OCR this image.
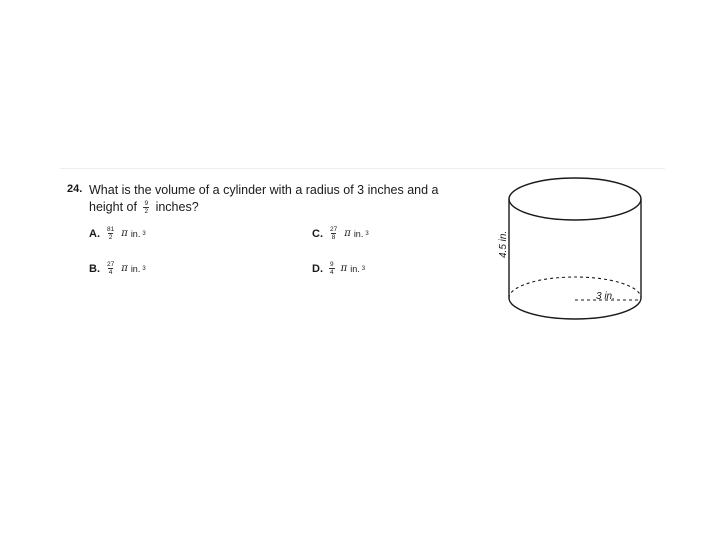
24. What is the volume of a cylinder with a radius of 3 inches and a
height of $\frac{9}{2}$ inches?
A. $\frac{81}{2}$ π in. 3
B. $\frac{27}{4}$ π in. 3
C. $\frac{27}{8}$ π in. 3
D. $\frac{9}{4}$ π in. 3
3 in.
4.5 in.
